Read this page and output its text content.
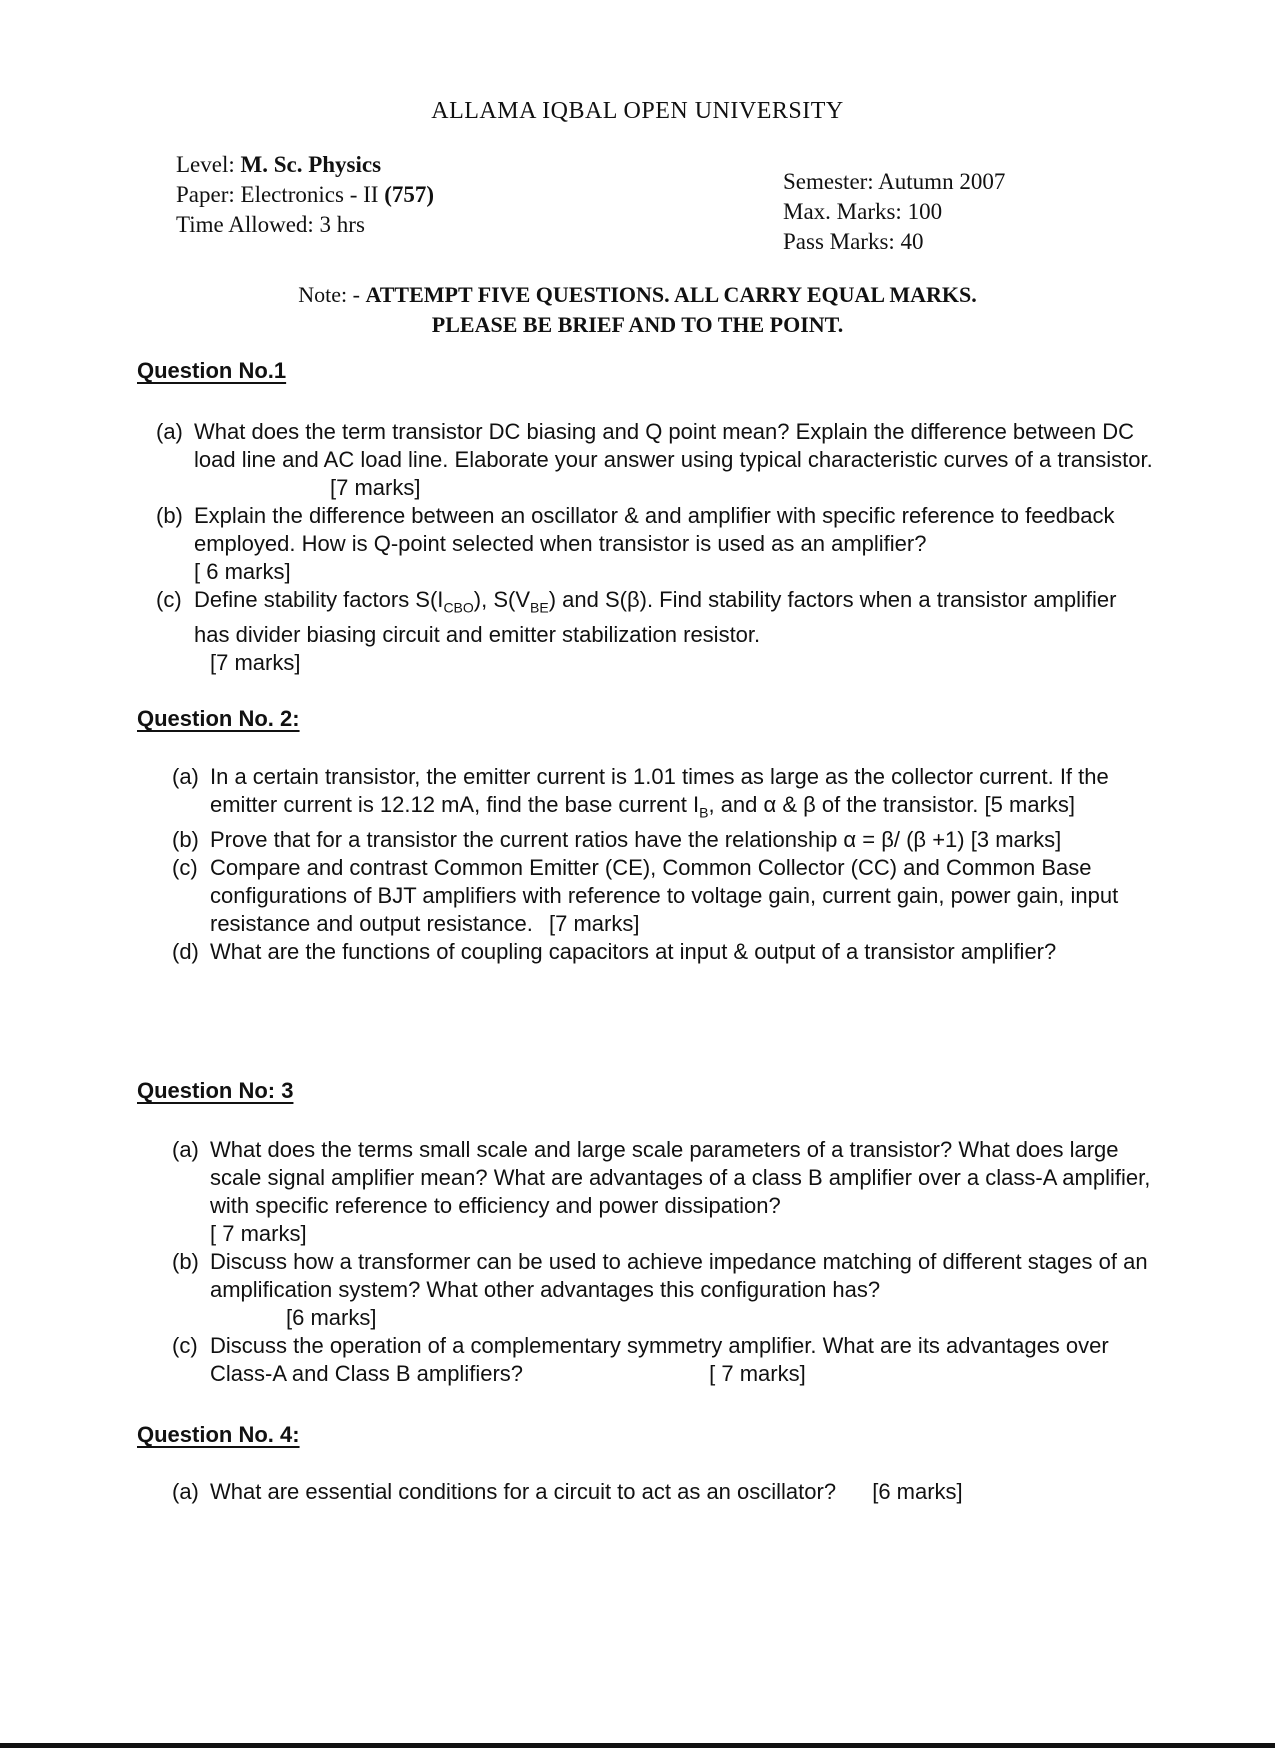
ALLAMA IQBAL OPEN UNIVERSITY
Level: M. Sc. Physics
Paper: Electronics - II (757)
Time Allowed: 3 hrs
Semester: Autumn 2007
Max. Marks: 100
Pass Marks: 40
Note: - ATTEMPT FIVE QUESTIONS. ALL CARRY EQUAL MARKS.
PLEASE BE BRIEF AND TO THE POINT.
Question No.1
(a) What does the term transistor DC biasing and Q point mean? Explain the difference between DC load line and AC load line. Elaborate your answer using typical characteristic curves of a transistor. [7 marks]
(b) Explain the difference between an oscillator & and amplifier with specific reference to feedback employed. How is Q-point selected when transistor is used as an amplifier?
[ 6 marks]
(c) Define stability factors $S(I_{CBO})$, $S(V_{BE})$ and S(β). Find stability factors when a transistor amplifier has divider biasing circuit and emitter stabilization resistor.
[7 marks]
Question No. 2:
(a) In a certain transistor, the emitter current is 1.01 times as large as the collector current. If the emitter current is 12.12 mA, find the base current $I_B$, and α & β of the transistor. [5 marks]
(b) Prove that for a transistor the current ratios have the relationship α = β/ (β +1) [3 marks]
(c) Compare and contrast Common Emitter (CE), Common Collector (CC) and Common Base configurations of BJT amplifiers with reference to voltage gain, current gain, power gain, input resistance and output resistance. [7 marks]
(d) What are the functions of coupling capacitors at input & output of a transistor amplifier?
Question No: 3
(a) What does the terms small scale and large scale parameters of a transistor? What does large scale signal amplifier mean? What are advantages of a class B amplifier over a class-A amplifier, with specific reference to efficiency and power dissipation?
[ 7 marks]
(b) Discuss how a transformer can be used to achieve impedance matching of different stages of an amplification system? What other advantages this configuration has?
[6 marks]
(c) Discuss the operation of a complementary symmetry amplifier. What are its advantages over Class-A and Class B amplifiers?	[ 7 marks]
Question No. 4:
(a) What are essential conditions for a circuit to act as an oscillator? [6 marks]
